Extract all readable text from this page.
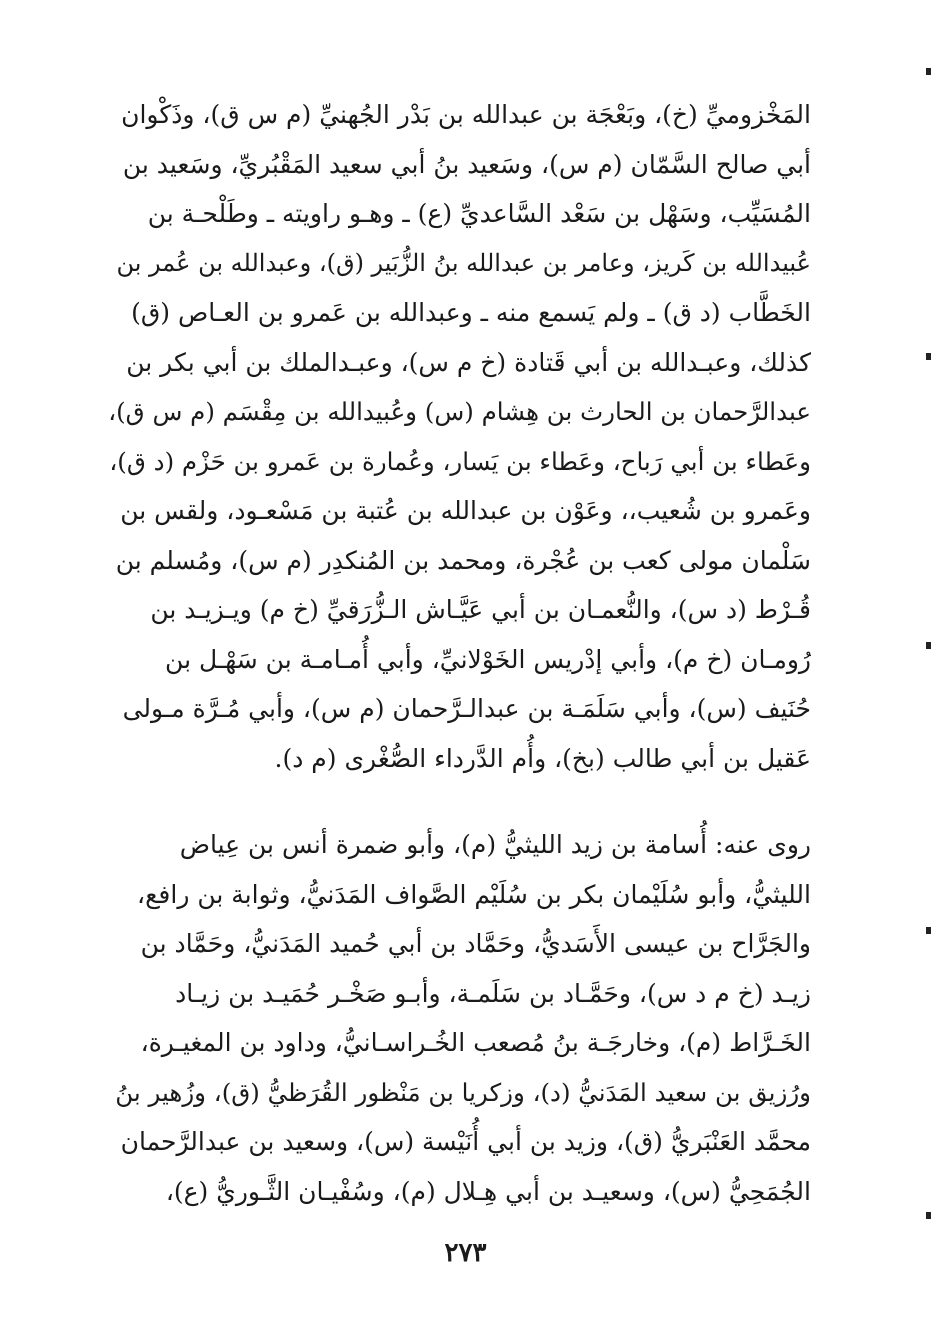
المَخْزوميِّ (خ)، وبَعْجَة بن عبدالله بن بَدْر الجُهنيِّ (م س ق)، وذَكْوان
أبي صالح السَّمّان (م س)، وسَعيد بنُ أبي سعيد المَقْبُريِّ، وسَعيد بن
المُسَيِّب، وسَهْل بن سَعْد السَّاعديِّ (ع) ـ وهـو راويته ـ وطَلْحـة بن
عُبيدالله بن كَريز، وعامر بن عبدالله بنُ الزُّبَير (ق)، وعبدالله بن عُمر بن
الخَطَّاب (د ق) ـ ولم يَسمع منه ـ وعبدالله بن عَمرو بن العـاص (ق)
كذلك، وعبـدالله بن أبي قَتادة (خ م س)، وعبـدالملك بن أبي بكر بن
عبدالرَّحمان بن الحارث بن هِشام (س) وعُبيدالله بن مِقْسَم (م س ق)،
وعَطاء بن أبي رَباح، وعَطاء بن يَسار، وعُمارة بن عَمرو بن حَزْم (د ق)،
وعَمرو بن شُعيب،، وعَوْن بن عبدالله بن عُتبة بن مَسْعـود، ولقس بن
سَلْمان مولى كعب بن عُجْرة، ومحمد بن المُنكدِر (م س)، ومُسلم بن
قُـرْط (د س)، والنُّعمـان بن أبي عَيَّـاش الـزُّرَقيِّ (خ م) ويـزيـد بن
رُومـان (خ م)، وأبي إدْريس الخَوْلانيِّ، وأبي أُمـامـة بن سَهْـل بن
حُنَيف (س)، وأبي سَلَمَـة بن عبدالـرَّحمان (م س)، وأبي مُـرَّة مـولى
عَقيل بن أبي طالب (بخ)، وأُم الدَّرداء الصُّغْرى (م د).
روى عنه: أُسامة بن زيد الليثيُّ (م)، وأبو ضمرة أنس بن عِياض
الليثيُّ، وأبو سُلَيْمان بكر بن سُلَيْم الصَّواف المَدَنيُّ، وثوابة بن رافع،
والجَرَّاح بن عيسى الأَسَديُّ، وحَمَّاد بن أبي حُميد المَدَنيُّ، وحَمَّاد بن
زيـد (خ م د س)، وحَمَّـاد بن سَلَمـة، وأبـو صَخْـر حُمَيـد بن زيـاد
الخَـرَّاط (م)، وخارجَـة بنُ مُصعب الخُـراسـانيُّ، وداود بن المغيـرة،
ورُزيق بن سعيد المَدَنيُّ (د)، وزكريا بن مَنْظور القُرَظيُّ (ق)، وزُهير بنُ
محمَّد العَنْبَريُّ (ق)، وزيد بن أبي أُنَيْسة (س)، وسعيد بن عبدالرَّحمان
الجُمَحِيُّ (س)، وسعيـد بن أبي هِـلال (م)، وسُفْيـان الثَّـوريُّ (ع)،
٢٧٣
